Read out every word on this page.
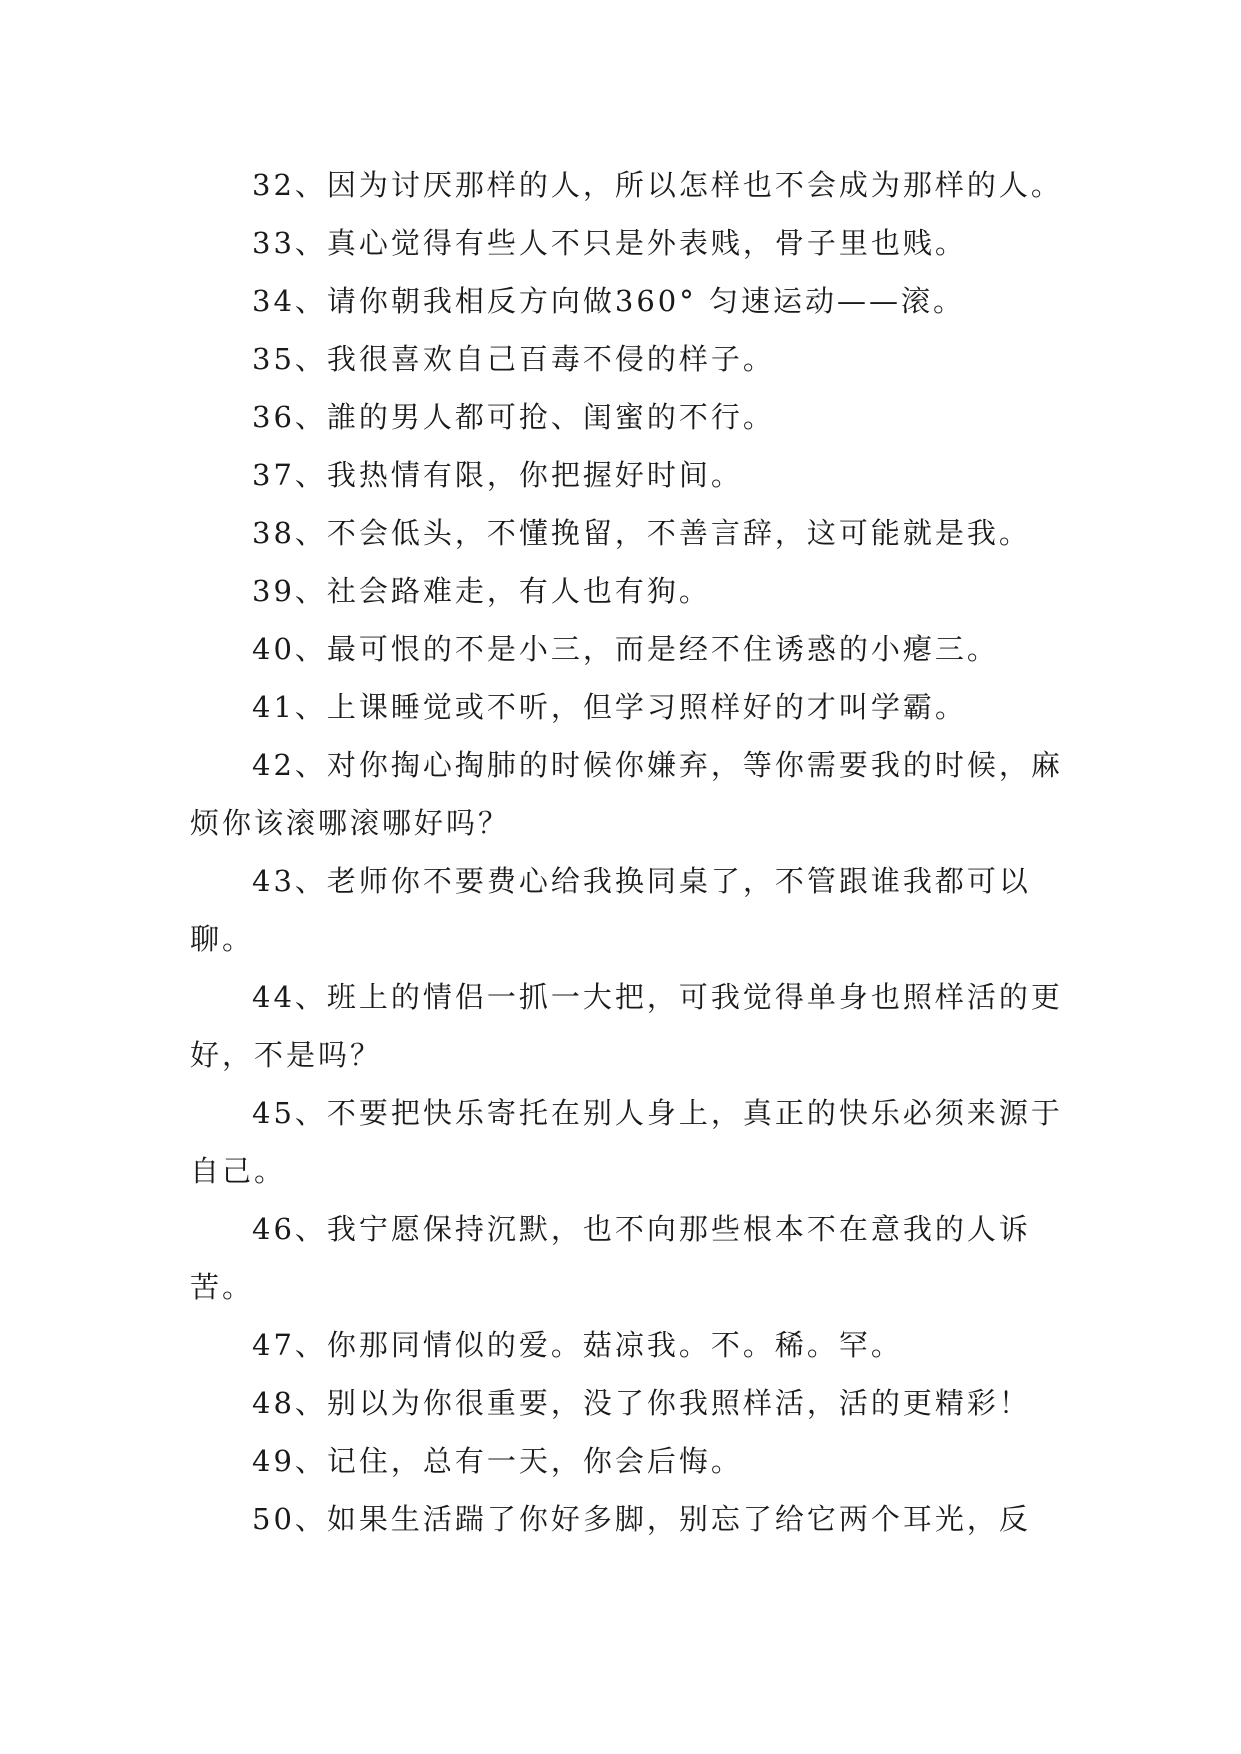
32、因为讨厌那样的人，所以怎样也不会成为那样的人。

33、真心觉得有些人不只是外表贱，骨子里也贱。

34、请你朝我相反方向做360° 匀速运动——滚。

35、我很喜欢自己百毒不侵的样子。

36、誰的男人都可抢、闺蜜的不行。

37、我热情有限，你把握好时间。

38、不会低头，不懂挽留，不善言辞，这可能就是我。

39、社会路难走，有人也有狗。

40、最可恨的不是小三，而是经不住诱惑的小瘪三。

41、上课睡觉或不听，但学习照样好的才叫学霸。

42、对你掏心掏肺的时候你嫌弃，等你需要我的时候，麻烦你该滚哪滚哪好吗？

43、老师你不要费心给我换同桌了，不管跟谁我都可以聊。

44、班上的情侣一抓一大把，可我觉得单身也照样活的更好，不是吗？

45、不要把快乐寄托在别人身上，真正的快乐必须来源于自己。

46、我宁愿保持沉默，也不向那些根本不在意我的人诉苦。

47、你那同情似的爱。菇凉我。不。稀。罕。

48、别以为你很重要，没了你我照样活，活的更精彩！

49、记住，总有一天，你会后悔。

50、如果生活踹了你好多脚，别忘了给它两个耳光，反
